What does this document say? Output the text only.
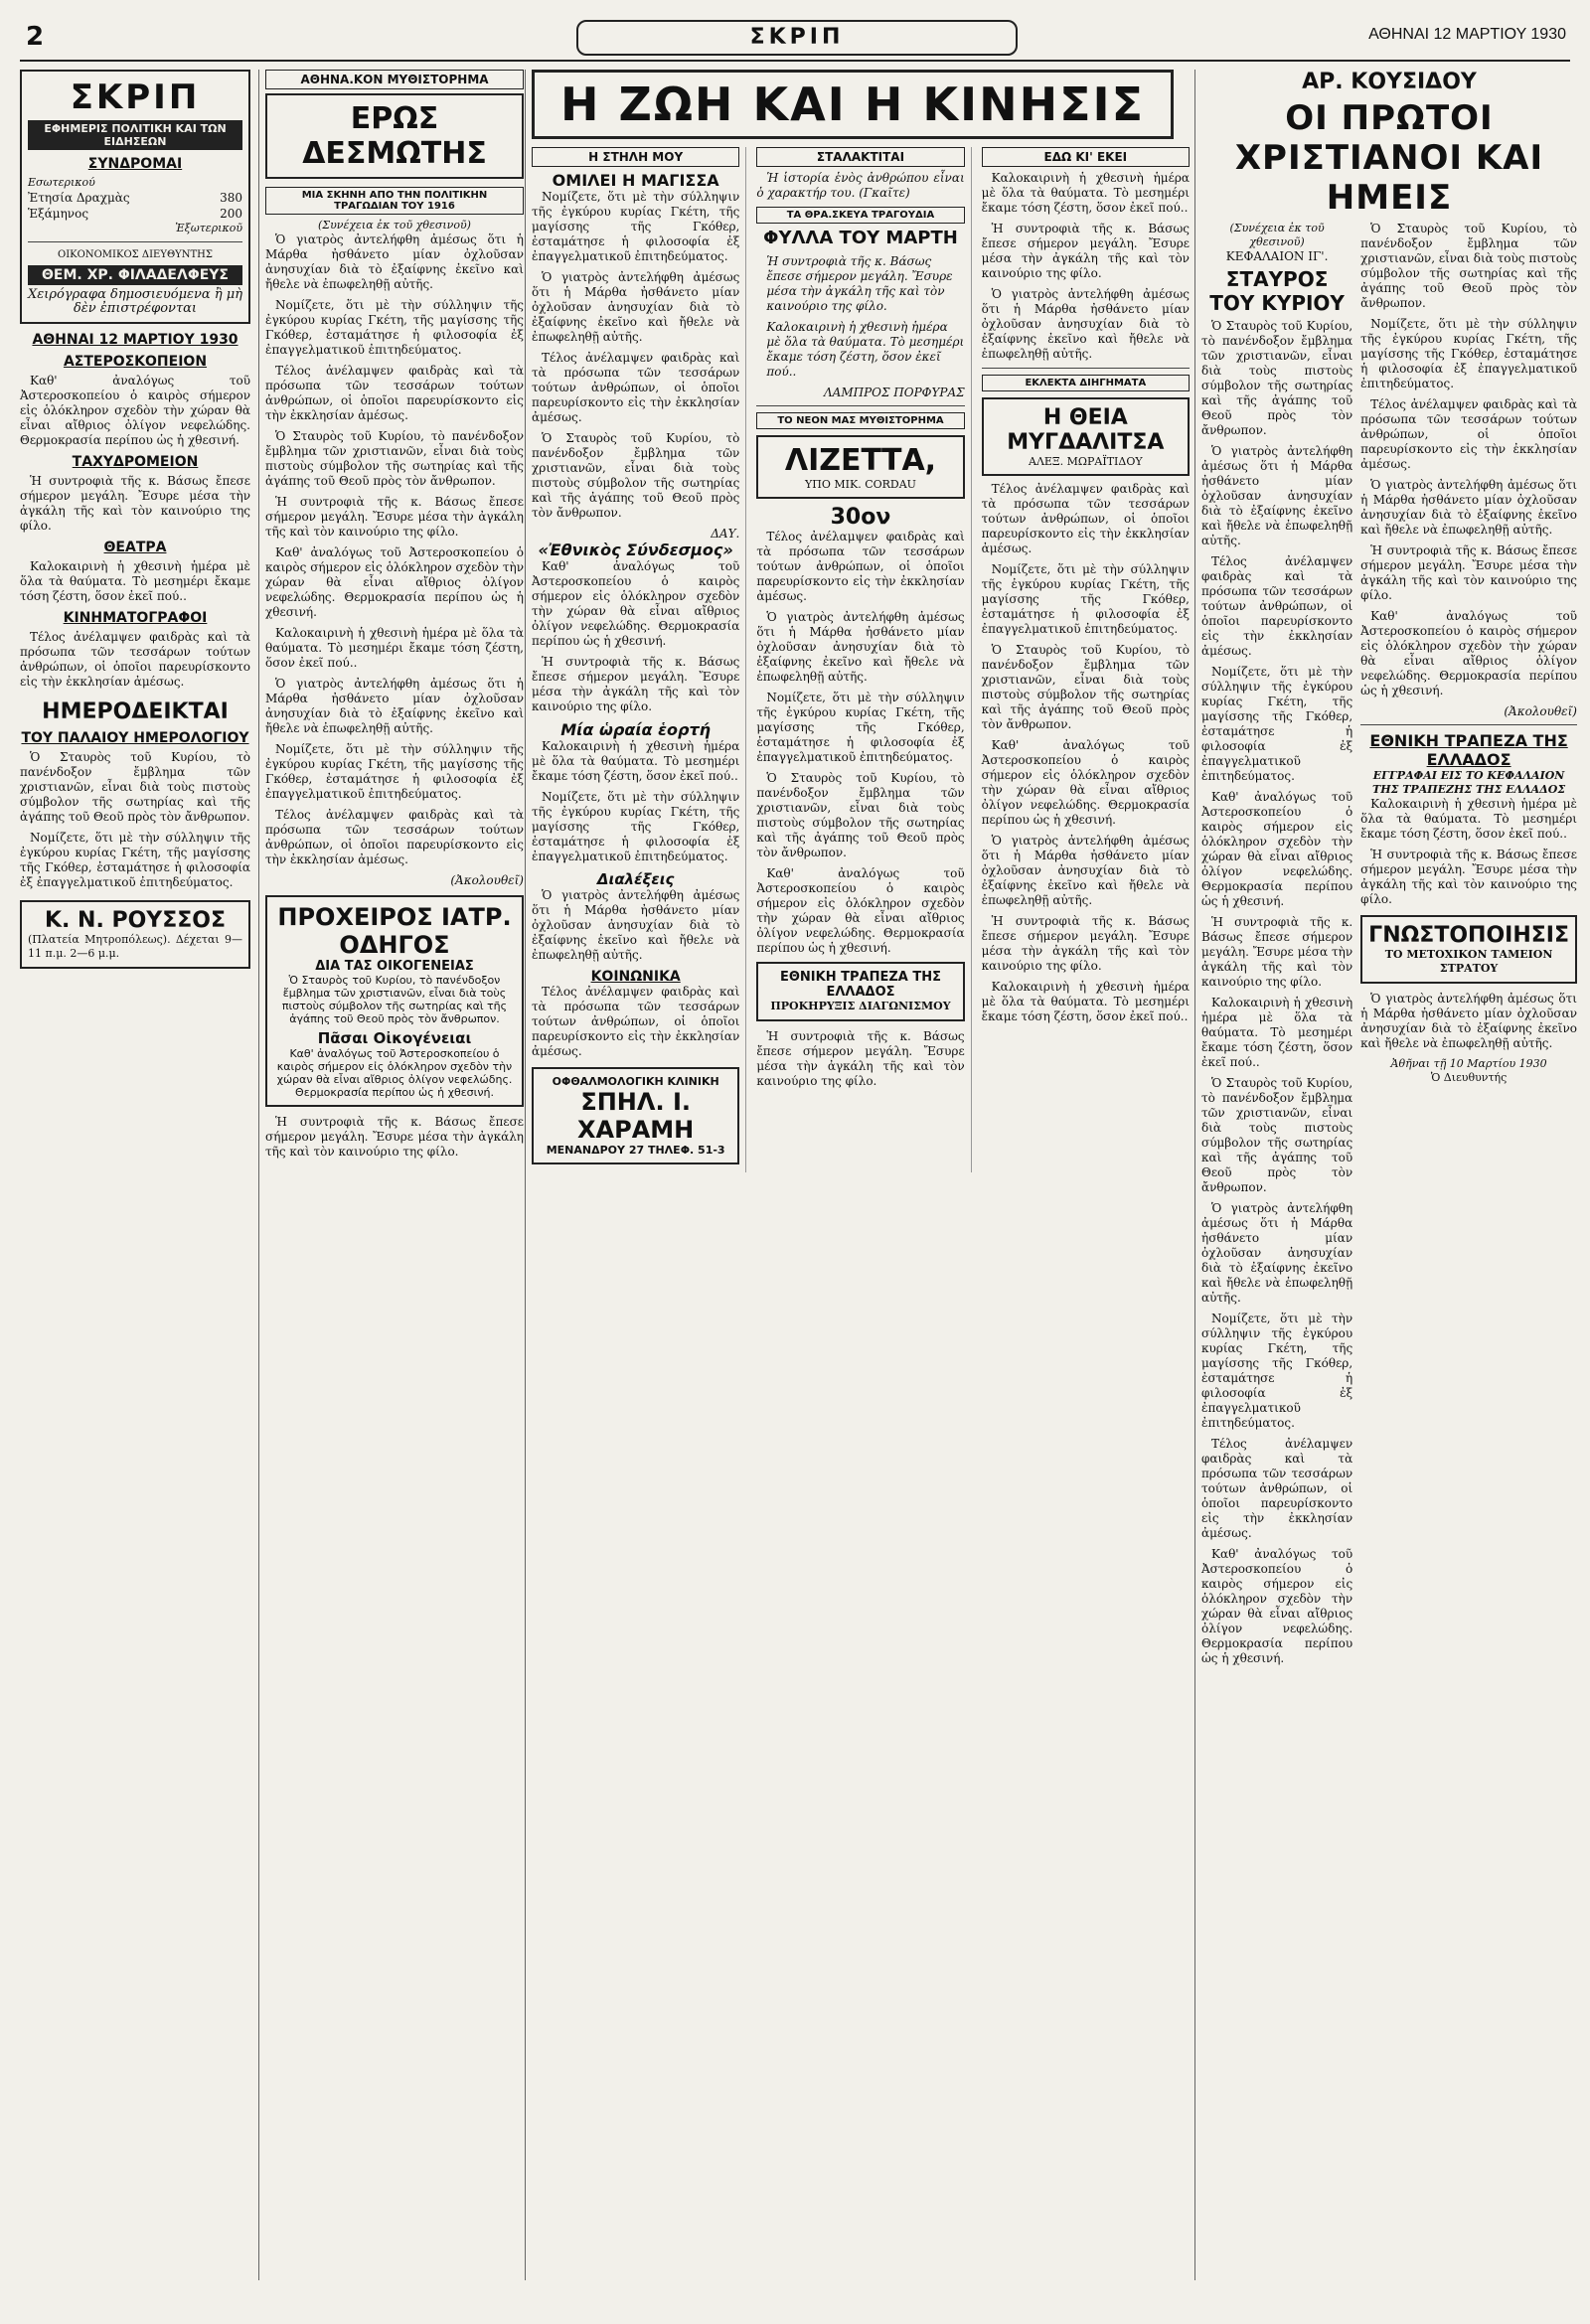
2	ΣΚΡΙΠ	ΑΘΗΝΑΙ 12 ΜΑΡΤΙΟΥ 1930
ΣΚΡΙΠ
ΕΦΗΜΕΡΙΣ ΠΟΛΙΤΙΚΗ ΚΑΙ ΤΩΝ ΕΙΔΗΣΕΩΝ
ΣΥΝΔΡΟΜΑΙ
Εσωτερικού
Ἐτησία Δραχμὰς	380
Ἑξάμηνος	200
Ἐξωτερικοῦ
ΟΙΚΟΝΟΜΙΚΟΣ ΔΙΕΥΘΥΝΤΗΣ
ΘΕΜ. ΧΡ. ΦΙΛΑΔΕΛΦΕΥΣ
Χειρόγραφα δημοσιευόμενα ἢ μὴ δὲν ἐπιστρέφονται
ΑΘΗΝΑΙ 12 ΜΑΡΤΙΟΥ 1930
ΑΣΤΕΡΟΣΚΟΠΕΙΟΝ

Καθ' ἀναλόγως τοῦ Ἀστεροσκοπείου ὁ καιρὸς σήμερον εἰς ὁλόκληρον σχεδὸν τὴν χώραν θὰ εἶναι αἴθριος ὀλίγον νεφελώδης. Θερμοκρασία περίπου ὡς ἡ χθεσινή.

ΤΑΧΥΔΡΟΜΕΙΟΝ

Ἡ συντροφιὰ τῆς κ. Βάσως ἔπεσε σήμερον μεγάλη. Ἔσυρε μέσα τὴν ἀγκάλη τῆς καὶ τὸν καινούριο της φίλο.

ΘΕΑΤΡΑ

Καλοκαιρινὴ ἡ χθεσινὴ ἡμέρα μὲ ὅλα τὰ θαύματα. Τὸ μεσημέρι ἔκαμε τόση ζέστη, ὅσον ἐκεῖ πού..

ΚΙΝΗΜΑΤΟΓΡΑΦΟΙ

Τέλος ἀνέλαμψεν φαιδρὰς καὶ τὰ πρόσωπα τῶν τεσσάρων τούτων ἀνθρώπων, οἱ ὁποῖοι παρευρίσκοντο εἰς τὴν ἐκκλησίαν ἀμέσως.

ΗΜΕΡΟΔΕΙΚΤΑΙ
ΤΟΥ ΠΑΛΑΙΟΥ ΗΜΕΡΟΛΟΓΙΟΥ

Ὁ Σταυρὸς τοῦ Κυρίου, τὸ πανένδοξον ἔμβλημα τῶν χριστιανῶν, εἶναι διὰ τοὺς πιστοὺς σύμβολον τῆς σωτηρίας καὶ τῆς ἀγάπης τοῦ Θεοῦ πρὸς τὸν ἄνθρωπον.

Νομίζετε, ὅτι μὲ τὴν σύλληψιν τῆς ἐγκύρου κυρίας Γκέτη, τῆς μαγίσσης τῆς Γκόθερ, ἐσταμάτησε ἡ φιλοσοφία ἐξ ἐπαγγελματικοῦ ἐπιτηδεύματος.

Κ. Ν. ΡΟΥΣΣΟΣ
(Πλατεία Μητροπόλεως). Δέχεται 9—11 π.μ. 2—6 μ.μ.
ΑΘΗΝΑ.ΚΟΝ ΜΥΘΙΣΤΟΡΗΜΑ
ΕΡΩΣ ΔΕΣΜΩΤΗΣ
ΜΙΑ ΣΚΗΝΗ ΑΠΟ ΤΗΝ ΠΟΛΙΤΙΚΗΝ ΤΡΑΓΩΔΙΑΝ ΤΟΥ 1916
(Συνέχεια ἐκ τοῦ χθεσινοῦ)

Ὁ γιατρὸς ἀντελήφθη ἀμέσως ὅτι ἡ Μάρθα ἠσθάνετο μίαν ὀχλοῦσαν ἀνησυχίαν διὰ τὸ ἐξαίφνης ἐκεῖνο καὶ ἤθελε νὰ ἐπωφεληθῇ αὐτῆς.

Νομίζετε, ὅτι μὲ τὴν σύλληψιν τῆς ἐγκύρου κυρίας Γκέτη, τῆς μαγίσσης τῆς Γκόθερ, ἐσταμάτησε ἡ φιλοσοφία ἐξ ἐπαγγελματικοῦ ἐπιτηδεύματος.

Τέλος ἀνέλαμψεν φαιδρὰς καὶ τὰ πρόσωπα τῶν τεσσάρων τούτων ἀνθρώπων, οἱ ὁποῖοι παρευρίσκοντο εἰς τὴν ἐκκλησίαν ἀμέσως.

Ὁ Σταυρὸς τοῦ Κυρίου, τὸ πανένδοξον ἔμβλημα τῶν χριστιανῶν, εἶναι διὰ τοὺς πιστοὺς σύμβολον τῆς σωτηρίας καὶ τῆς ἀγάπης τοῦ Θεοῦ πρὸς τὸν ἄνθρωπον.

Ἡ συντροφιὰ τῆς κ. Βάσως ἔπεσε σήμερον μεγάλη. Ἔσυρε μέσα τὴν ἀγκάλη τῆς καὶ τὸν καινούριο της φίλο.

Καθ' ἀναλόγως τοῦ Ἀστεροσκοπείου ὁ καιρὸς σήμερον εἰς ὁλόκληρον σχεδὸν τὴν χώραν θὰ εἶναι αἴθριος ὀλίγον νεφελώδης. Θερμοκρασία περίπου ὡς ἡ χθεσινή.

Καλοκαιρινὴ ἡ χθεσινὴ ἡμέρα μὲ ὅλα τὰ θαύματα. Τὸ μεσημέρι ἔκαμε τόση ζέστη, ὅσον ἐκεῖ πού..

Ὁ γιατρὸς ἀντελήφθη ἀμέσως ὅτι ἡ Μάρθα ἠσθάνετο μίαν ὀχλοῦσαν ἀνησυχίαν διὰ τὸ ἐξαίφνης ἐκεῖνο καὶ ἤθελε νὰ ἐπωφεληθῇ αὐτῆς.

Νομίζετε, ὅτι μὲ τὴν σύλληψιν τῆς ἐγκύρου κυρίας Γκέτη, τῆς μαγίσσης τῆς Γκόθερ, ἐσταμάτησε ἡ φιλοσοφία ἐξ ἐπαγγελματικοῦ ἐπιτηδεύματος.

Τέλος ἀνέλαμψεν φαιδρὰς καὶ τὰ πρόσωπα τῶν τεσσάρων τούτων ἀνθρώπων, οἱ ὁποῖοι παρευρίσκοντο εἰς τὴν ἐκκλησίαν ἀμέσως.

(Ἀκολουθεῖ)
ΠΡΟΧΕΙΡΟΣ ΙΑΤΡ. ΟΔΗΓΟΣ
ΔΙΑ ΤΑΣ ΟΙΚΟΓΕΝΕΙΑΣ
Ὁ Σταυρὸς τοῦ Κυρίου, τὸ πανένδοξον ἔμβλημα τῶν χριστιανῶν, εἶναι διὰ τοὺς πιστοὺς σύμβολον τῆς σωτηρίας καὶ τῆς ἀγάπης τοῦ Θεοῦ πρὸς τὸν ἄνθρωπον.
Πᾶσαι Οἰκογένειαι
Καθ' ἀναλόγως τοῦ Ἀστεροσκοπείου ὁ καιρὸς σήμερον εἰς ὁλόκληρον σχεδὸν τὴν χώραν θὰ εἶναι αἴθριος ὀλίγον νεφελώδης. Θερμοκρασία περίπου ὡς ἡ χθεσινή.

Ἡ συντροφιὰ τῆς κ. Βάσως ἔπεσε σήμερον μεγάλη. Ἔσυρε μέσα τὴν ἀγκάλη τῆς καὶ τὸν καινούριο της φίλο.

Η ΖΩΗ ΚΑΙ Η ΚΙΝΗΣΙΣ
Η ΣΤΗΛΗ ΜΟΥ
ΟΜΙΛΕΙ Η ΜΑΓΙΣΣΑ

Νομίζετε, ὅτι μὲ τὴν σύλληψιν τῆς ἐγκύρου κυρίας Γκέτη, τῆς μαγίσσης τῆς Γκόθερ, ἐσταμάτησε ἡ φιλοσοφία ἐξ ἐπαγγελματικοῦ ἐπιτηδεύματος.

Ὁ γιατρὸς ἀντελήφθη ἀμέσως ὅτι ἡ Μάρθα ἠσθάνετο μίαν ὀχλοῦσαν ἀνησυχίαν διὰ τὸ ἐξαίφνης ἐκεῖνο καὶ ἤθελε νὰ ἐπωφεληθῇ αὐτῆς.

Τέλος ἀνέλαμψεν φαιδρὰς καὶ τὰ πρόσωπα τῶν τεσσάρων τούτων ἀνθρώπων, οἱ ὁποῖοι παρευρίσκοντο εἰς τὴν ἐκκλησίαν ἀμέσως.

Ὁ Σταυρὸς τοῦ Κυρίου, τὸ πανένδοξον ἔμβλημα τῶν χριστιανῶν, εἶναι διὰ τοὺς πιστοὺς σύμβολον τῆς σωτηρίας καὶ τῆς ἀγάπης τοῦ Θεοῦ πρὸς τὸν ἄνθρωπον.

ΔΑΥ.
«Ἐθνικὸς Σύνδεσμος»

Καθ' ἀναλόγως τοῦ Ἀστεροσκοπείου ὁ καιρὸς σήμερον εἰς ὁλόκληρον σχεδὸν τὴν χώραν θὰ εἶναι αἴθριος ὀλίγον νεφελώδης. Θερμοκρασία περίπου ὡς ἡ χθεσινή.

Ἡ συντροφιὰ τῆς κ. Βάσως ἔπεσε σήμερον μεγάλη. Ἔσυρε μέσα τὴν ἀγκάλη τῆς καὶ τὸν καινούριο της φίλο.

Μία ὡραία ἑορτή

Καλοκαιρινὴ ἡ χθεσινὴ ἡμέρα μὲ ὅλα τὰ θαύματα. Τὸ μεσημέρι ἔκαμε τόση ζέστη, ὅσον ἐκεῖ πού..

Νομίζετε, ὅτι μὲ τὴν σύλληψιν τῆς ἐγκύρου κυρίας Γκέτη, τῆς μαγίσσης τῆς Γκόθερ, ἐσταμάτησε ἡ φιλοσοφία ἐξ ἐπαγγελματικοῦ ἐπιτηδεύματος.

Διαλέξεις

Ὁ γιατρὸς ἀντελήφθη ἀμέσως ὅτι ἡ Μάρθα ἠσθάνετο μίαν ὀχλοῦσαν ἀνησυχίαν διὰ τὸ ἐξαίφνης ἐκεῖνο καὶ ἤθελε νὰ ἐπωφεληθῇ αὐτῆς.

ΚΟΙΝΩΝΙΚΑ

Τέλος ἀνέλαμψεν φαιδρὰς καὶ τὰ πρόσωπα τῶν τεσσάρων τούτων ἀνθρώπων, οἱ ὁποῖοι παρευρίσκοντο εἰς τὴν ἐκκλησίαν ἀμέσως.

ΟΦΘΑΛΜΟΛΟΓΙΚΗ ΚΛΙΝΙΚΗ
ΣΠΗΛ. Ι. ΧΑΡΑΜΗ
ΜΕΝΑΝΔΡΟΥ 27 ΤΗΛΕΦ. 51-3
ΣΤΑΛΑΚΤΙΤΑΙ

Ἡ ἱστορία ἑνὸς ἀνθρώπου εἶναι ὁ χαρακτήρ του. (Γκαῖτε)

ΤΑ ΘΡΑ.ΣΚΕΥΑ ΤΡΑΓΟΥΔΙΑ
ΦΥΛΛΑ ΤΟΥ ΜΑΡΤΗ
Ἡ συντροφιὰ τῆς κ. Βάσως ἔπεσε σήμερον μεγάλη. Ἔσυρε μέσα τὴν ἀγκάλη τῆς καὶ τὸν καινούριο της φίλο.
Καλοκαιρινὴ ἡ χθεσινὴ ἡμέρα μὲ ὅλα τὰ θαύματα. Τὸ μεσημέρι ἔκαμε τόση ζέστη, ὅσον ἐκεῖ πού..
ΛΑΜΠΡΟΣ ΠΟΡΦΥΡΑΣ
ΤΟ ΝΕΟΝ ΜΑΣ ΜΥΘΙΣΤΟΡΗΜΑ
ΛΙΖΕΤΤΑ,
ΥΠΟ ΜΙΚ. CORDAU
30ον

Τέλος ἀνέλαμψεν φαιδρὰς καὶ τὰ πρόσωπα τῶν τεσσάρων τούτων ἀνθρώπων, οἱ ὁποῖοι παρευρίσκοντο εἰς τὴν ἐκκλησίαν ἀμέσως.

Ὁ γιατρὸς ἀντελήφθη ἀμέσως ὅτι ἡ Μάρθα ἠσθάνετο μίαν ὀχλοῦσαν ἀνησυχίαν διὰ τὸ ἐξαίφνης ἐκεῖνο καὶ ἤθελε νὰ ἐπωφεληθῇ αὐτῆς.

Νομίζετε, ὅτι μὲ τὴν σύλληψιν τῆς ἐγκύρου κυρίας Γκέτη, τῆς μαγίσσης τῆς Γκόθερ, ἐσταμάτησε ἡ φιλοσοφία ἐξ ἐπαγγελματικοῦ ἐπιτηδεύματος.

Ὁ Σταυρὸς τοῦ Κυρίου, τὸ πανένδοξον ἔμβλημα τῶν χριστιανῶν, εἶναι διὰ τοὺς πιστοὺς σύμβολον τῆς σωτηρίας καὶ τῆς ἀγάπης τοῦ Θεοῦ πρὸς τὸν ἄνθρωπον.

Καθ' ἀναλόγως τοῦ Ἀστεροσκοπείου ὁ καιρὸς σήμερον εἰς ὁλόκληρον σχεδὸν τὴν χώραν θὰ εἶναι αἴθριος ὀλίγον νεφελώδης. Θερμοκρασία περίπου ὡς ἡ χθεσινή.

ΕΘΝΙΚΗ ΤΡΑΠΕΖΑ ΤΗΣ ΕΛΛΑΔΟΣ
ΠΡΟΚΗΡΥΞΙΣ ΔΙΑΓΩΝΙΣΜΟΥ

Ἡ συντροφιὰ τῆς κ. Βάσως ἔπεσε σήμερον μεγάλη. Ἔσυρε μέσα τὴν ἀγκάλη τῆς καὶ τὸν καινούριο της φίλο.

ΕΔΩ ΚΙ' ΕΚΕΙ

Καλοκαιρινὴ ἡ χθεσινὴ ἡμέρα μὲ ὅλα τὰ θαύματα. Τὸ μεσημέρι ἔκαμε τόση ζέστη, ὅσον ἐκεῖ πού..

Ἡ συντροφιὰ τῆς κ. Βάσως ἔπεσε σήμερον μεγάλη. Ἔσυρε μέσα τὴν ἀγκάλη τῆς καὶ τὸν καινούριο της φίλο.

Ὁ γιατρὸς ἀντελήφθη ἀμέσως ὅτι ἡ Μάρθα ἠσθάνετο μίαν ὀχλοῦσαν ἀνησυχίαν διὰ τὸ ἐξαίφνης ἐκεῖνο καὶ ἤθελε νὰ ἐπωφεληθῇ αὐτῆς.

ΕΚΛΕΚΤΑ ΔΙΗΓΗΜΑΤΑ
Η ΘΕΙΑ ΜΥΓΔΑΛΙΤΣΑ
ΑΛΕΞ. ΜΩΡΑΪΤΙΔΟΥ

Τέλος ἀνέλαμψεν φαιδρὰς καὶ τὰ πρόσωπα τῶν τεσσάρων τούτων ἀνθρώπων, οἱ ὁποῖοι παρευρίσκοντο εἰς τὴν ἐκκλησίαν ἀμέσως.

Νομίζετε, ὅτι μὲ τὴν σύλληψιν τῆς ἐγκύρου κυρίας Γκέτη, τῆς μαγίσσης τῆς Γκόθερ, ἐσταμάτησε ἡ φιλοσοφία ἐξ ἐπαγγελματικοῦ ἐπιτηδεύματος.

Ὁ Σταυρὸς τοῦ Κυρίου, τὸ πανένδοξον ἔμβλημα τῶν χριστιανῶν, εἶναι διὰ τοὺς πιστοὺς σύμβολον τῆς σωτηρίας καὶ τῆς ἀγάπης τοῦ Θεοῦ πρὸς τὸν ἄνθρωπον.

Καθ' ἀναλόγως τοῦ Ἀστεροσκοπείου ὁ καιρὸς σήμερον εἰς ὁλόκληρον σχεδὸν τὴν χώραν θὰ εἶναι αἴθριος ὀλίγον νεφελώδης. Θερμοκρασία περίπου ὡς ἡ χθεσινή.

Ὁ γιατρὸς ἀντελήφθη ἀμέσως ὅτι ἡ Μάρθα ἠσθάνετο μίαν ὀχλοῦσαν ἀνησυχίαν διὰ τὸ ἐξαίφνης ἐκεῖνο καὶ ἤθελε νὰ ἐπωφεληθῇ αὐτῆς.

Ἡ συντροφιὰ τῆς κ. Βάσως ἔπεσε σήμερον μεγάλη. Ἔσυρε μέσα τὴν ἀγκάλη τῆς καὶ τὸν καινούριο της φίλο.

Καλοκαιρινὴ ἡ χθεσινὴ ἡμέρα μὲ ὅλα τὰ θαύματα. Τὸ μεσημέρι ἔκαμε τόση ζέστη, ὅσον ἐκεῖ πού..

ΑΡ. ΚΟΥΣΙΔΟΥ
ΟΙ ΠΡΩΤΟΙ ΧΡΙΣΤΙΑΝΟΙ ΚΑΙ ΗΜΕΙΣ
(Συνέχεια ἐκ τοῦ χθεσινοῦ)
ΚΕΦΑΛΑΙΟΝ ΙΓ'.
ΣΤΑΥΡΟΣ ΤΟΥ ΚΥΡΙΟΥ

Ὁ Σταυρὸς τοῦ Κυρίου, τὸ πανένδοξον ἔμβλημα τῶν χριστιανῶν, εἶναι διὰ τοὺς πιστοὺς σύμβολον τῆς σωτηρίας καὶ τῆς ἀγάπης τοῦ Θεοῦ πρὸς τὸν ἄνθρωπον.

Ὁ γιατρὸς ἀντελήφθη ἀμέσως ὅτι ἡ Μάρθα ἠσθάνετο μίαν ὀχλοῦσαν ἀνησυχίαν διὰ τὸ ἐξαίφνης ἐκεῖνο καὶ ἤθελε νὰ ἐπωφεληθῇ αὐτῆς.

Τέλος ἀνέλαμψεν φαιδρὰς καὶ τὰ πρόσωπα τῶν τεσσάρων τούτων ἀνθρώπων, οἱ ὁποῖοι παρευρίσκοντο εἰς τὴν ἐκκλησίαν ἀμέσως.

Νομίζετε, ὅτι μὲ τὴν σύλληψιν τῆς ἐγκύρου κυρίας Γκέτη, τῆς μαγίσσης τῆς Γκόθερ, ἐσταμάτησε ἡ φιλοσοφία ἐξ ἐπαγγελματικοῦ ἐπιτηδεύματος.

Καθ' ἀναλόγως τοῦ Ἀστεροσκοπείου ὁ καιρὸς σήμερον εἰς ὁλόκληρον σχεδὸν τὴν χώραν θὰ εἶναι αἴθριος ὀλίγον νεφελώδης. Θερμοκρασία περίπου ὡς ἡ χθεσινή.

Ἡ συντροφιὰ τῆς κ. Βάσως ἔπεσε σήμερον μεγάλη. Ἔσυρε μέσα τὴν ἀγκάλη τῆς καὶ τὸν καινούριο της φίλο.

Καλοκαιρινὴ ἡ χθεσινὴ ἡμέρα μὲ ὅλα τὰ θαύματα. Τὸ μεσημέρι ἔκαμε τόση ζέστη, ὅσον ἐκεῖ πού..

Ὁ Σταυρὸς τοῦ Κυρίου, τὸ πανένδοξον ἔμβλημα τῶν χριστιανῶν, εἶναι διὰ τοὺς πιστοὺς σύμβολον τῆς σωτηρίας καὶ τῆς ἀγάπης τοῦ Θεοῦ πρὸς τὸν ἄνθρωπον.

Ὁ γιατρὸς ἀντελήφθη ἀμέσως ὅτι ἡ Μάρθα ἠσθάνετο μίαν ὀχλοῦσαν ἀνησυχίαν διὰ τὸ ἐξαίφνης ἐκεῖνο καὶ ἤθελε νὰ ἐπωφεληθῇ αὐτῆς.

Νομίζετε, ὅτι μὲ τὴν σύλληψιν τῆς ἐγκύρου κυρίας Γκέτη, τῆς μαγίσσης τῆς Γκόθερ, ἐσταμάτησε ἡ φιλοσοφία ἐξ ἐπαγγελματικοῦ ἐπιτηδεύματος.

Τέλος ἀνέλαμψεν φαιδρὰς καὶ τὰ πρόσωπα τῶν τεσσάρων τούτων ἀνθρώπων, οἱ ὁποῖοι παρευρίσκοντο εἰς τὴν ἐκκλησίαν ἀμέσως.

Καθ' ἀναλόγως τοῦ Ἀστεροσκοπείου ὁ καιρὸς σήμερον εἰς ὁλόκληρον σχεδὸν τὴν χώραν θὰ εἶναι αἴθριος ὀλίγον νεφελώδης. Θερμοκρασία περίπου ὡς ἡ χθεσινή.

Ὁ Σταυρὸς τοῦ Κυρίου, τὸ πανένδοξον ἔμβλημα τῶν χριστιανῶν, εἶναι διὰ τοὺς πιστοὺς σύμβολον τῆς σωτηρίας καὶ τῆς ἀγάπης τοῦ Θεοῦ πρὸς τὸν ἄνθρωπον.

Νομίζετε, ὅτι μὲ τὴν σύλληψιν τῆς ἐγκύρου κυρίας Γκέτη, τῆς μαγίσσης τῆς Γκόθερ, ἐσταμάτησε ἡ φιλοσοφία ἐξ ἐπαγγελματικοῦ ἐπιτηδεύματος.

Τέλος ἀνέλαμψεν φαιδρὰς καὶ τὰ πρόσωπα τῶν τεσσάρων τούτων ἀνθρώπων, οἱ ὁποῖοι παρευρίσκοντο εἰς τὴν ἐκκλησίαν ἀμέσως.

Ὁ γιατρὸς ἀντελήφθη ἀμέσως ὅτι ἡ Μάρθα ἠσθάνετο μίαν ὀχλοῦσαν ἀνησυχίαν διὰ τὸ ἐξαίφνης ἐκεῖνο καὶ ἤθελε νὰ ἐπωφεληθῇ αὐτῆς.

Ἡ συντροφιὰ τῆς κ. Βάσως ἔπεσε σήμερον μεγάλη. Ἔσυρε μέσα τὴν ἀγκάλη τῆς καὶ τὸν καινούριο της φίλο.

Καθ' ἀναλόγως τοῦ Ἀστεροσκοπείου ὁ καιρὸς σήμερον εἰς ὁλόκληρον σχεδὸν τὴν χώραν θὰ εἶναι αἴθριος ὀλίγον νεφελώδης. Θερμοκρασία περίπου ὡς ἡ χθεσινή.

(Ἀκολουθεῖ)
ΕΘΝΙΚΗ ΤΡΑΠΕΖΑ ΤΗΣ ΕΛΛΑΔΟΣ
ΕΓΓΡΑΦΑΙ ΕΙΣ ΤΟ ΚΕΦΑΛΑΙΟΝ ΤΗΣ ΤΡΑΠΕΖΗΣ ΤΗΣ ΕΛΛΑΔΟΣ

Καλοκαιρινὴ ἡ χθεσινὴ ἡμέρα μὲ ὅλα τὰ θαύματα. Τὸ μεσημέρι ἔκαμε τόση ζέστη, ὅσον ἐκεῖ πού..

Ἡ συντροφιὰ τῆς κ. Βάσως ἔπεσε σήμερον μεγάλη. Ἔσυρε μέσα τὴν ἀγκάλη τῆς καὶ τὸν καινούριο της φίλο.

ΓΝΩΣΤΟΠΟΙΗΣΙΣ
ΤΟ ΜΕΤΟΧΙΚΟΝ ΤΑΜΕΙΟΝ ΣΤΡΑΤΟΥ

Ὁ γιατρὸς ἀντελήφθη ἀμέσως ὅτι ἡ Μάρθα ἠσθάνετο μίαν ὀχλοῦσαν ἀνησυχίαν διὰ τὸ ἐξαίφνης ἐκεῖνο καὶ ἤθελε νὰ ἐπωφεληθῇ αὐτῆς.

Ἀθῆναι τῇ 10 Μαρτίου 1930
Ὁ Διευθυντής
